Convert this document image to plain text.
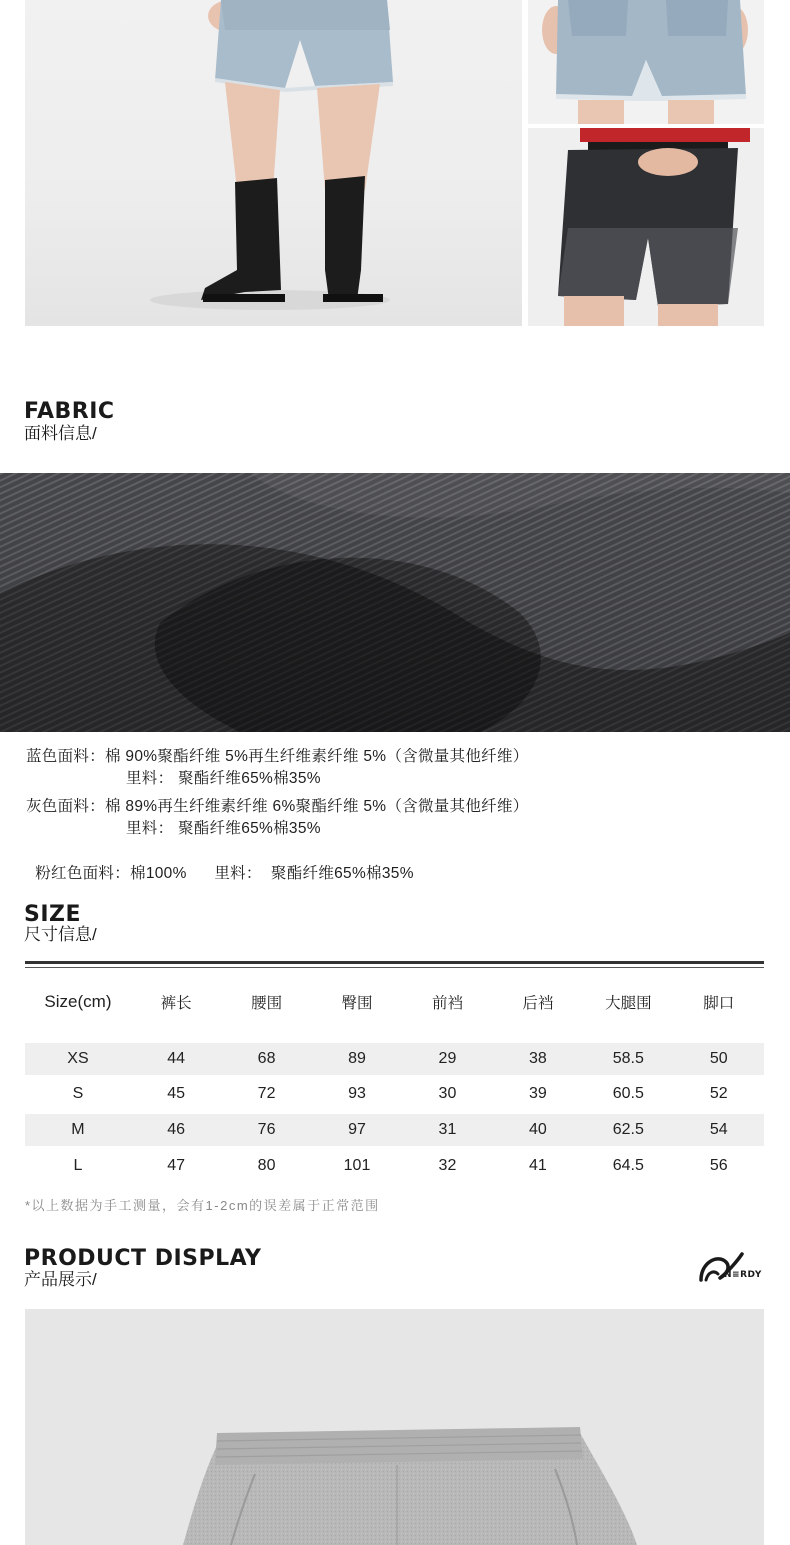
FABRIC
面料信息/
蓝色面料：棉 90%聚酯纤维 5%再生纤维素纤维 5%（含微量其他纤维）
里料： 聚酯纤维65%棉35%
灰色面料：棉 89%再生纤维素纤维 6%聚酯纤维 5%（含微量其他纤维）
里料： 聚酯纤维65%棉35%

粉红色面料：棉100%      里料：  聚酯纤维65%棉35%

SIZE
尺寸信息/
Size(cm)	裤长	腰围	臀围	前裆	后裆	大腿围	脚口
XS	44	68	89	29	38	58.5	50
S	45	72	93	30	39	60.5	52
M	46	76	97	31	40	62.5	54
L	47	80	101	32	41	64.5	56
*以上数据为手工测量，会有1-2cm的误差属于正常范围
PRODUCT DISPLAY
产品展示/	N≡RDY
